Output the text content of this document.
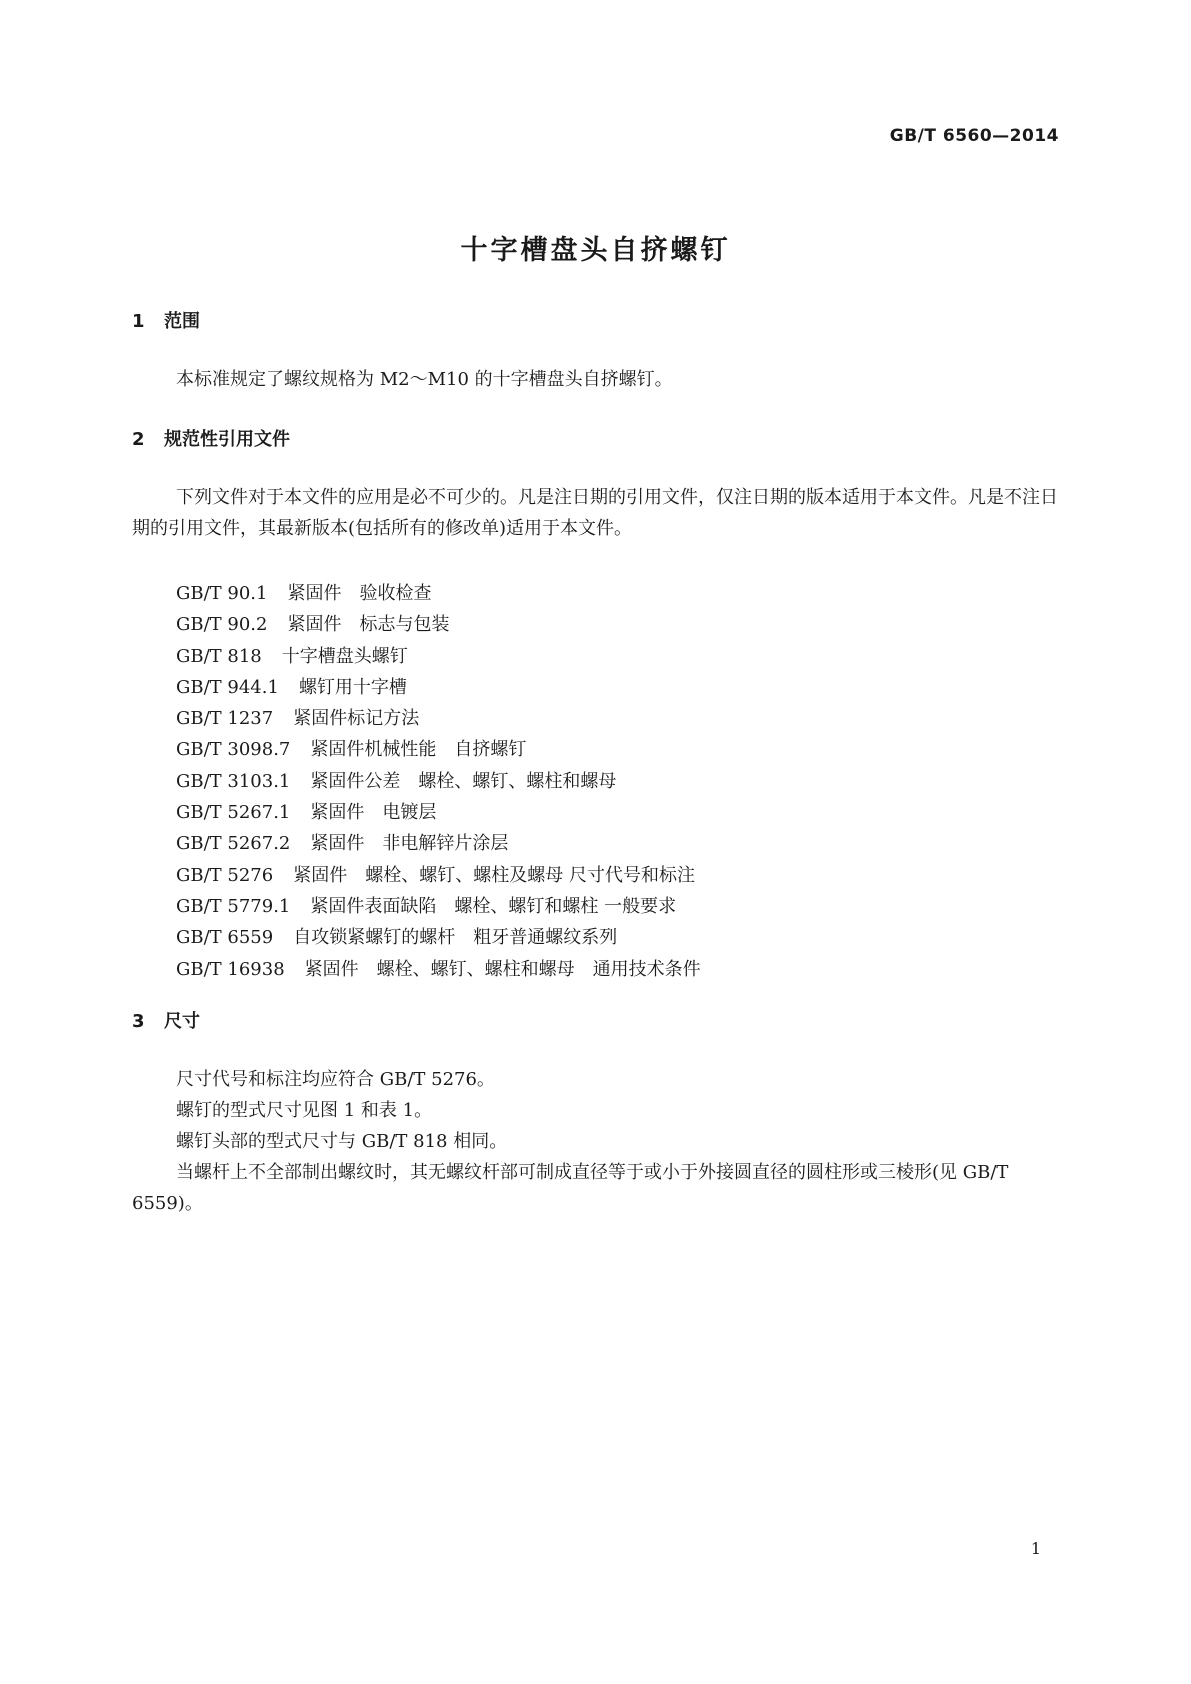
GB/T 6560—2014
十字槽盘头自挤螺钉
1 范围
本标准规定了螺纹规格为 M2～M10 的十字槽盘头自挤螺钉。
2 规范性引用文件
下列文件对于本文件的应用是必不可少的。凡是注日期的引用文件，仅注日期的版本适用于本文件。凡是不注日期的引用文件，其最新版本(包括所有的修改单)适用于本文件。
GB/T 90.1 紧固件　验收检查
GB/T 90.2 紧固件　标志与包装
GB/T 818 十字槽盘头螺钉
GB/T 944.1 螺钉用十字槽
GB/T 1237 紧固件标记方法
GB/T 3098.7 紧固件机械性能　自挤螺钉
GB/T 3103.1 紧固件公差　螺栓、螺钉、螺柱和螺母
GB/T 5267.1 紧固件　电镀层
GB/T 5267.2 紧固件　非电解锌片涂层
GB/T 5276 紧固件　螺栓、螺钉、螺柱及螺母 尺寸代号和标注
GB/T 5779.1 紧固件表面缺陷　螺栓、螺钉和螺柱 一般要求
GB/T 6559 自攻锁紧螺钉的螺杆　粗牙普通螺纹系列
GB/T 16938 紧固件　螺栓、螺钉、螺柱和螺母　通用技术条件
3 尺寸
尺寸代号和标注均应符合 GB/T 5276。
螺钉的型式尺寸见图 1 和表 1。
螺钉头部的型式尺寸与 GB/T 818 相同。
当螺杆上不全部制出螺纹时，其无螺纹杆部可制成直径等于或小于外接圆直径的圆柱形或三棱形(见 GB/T 6559)。
1
